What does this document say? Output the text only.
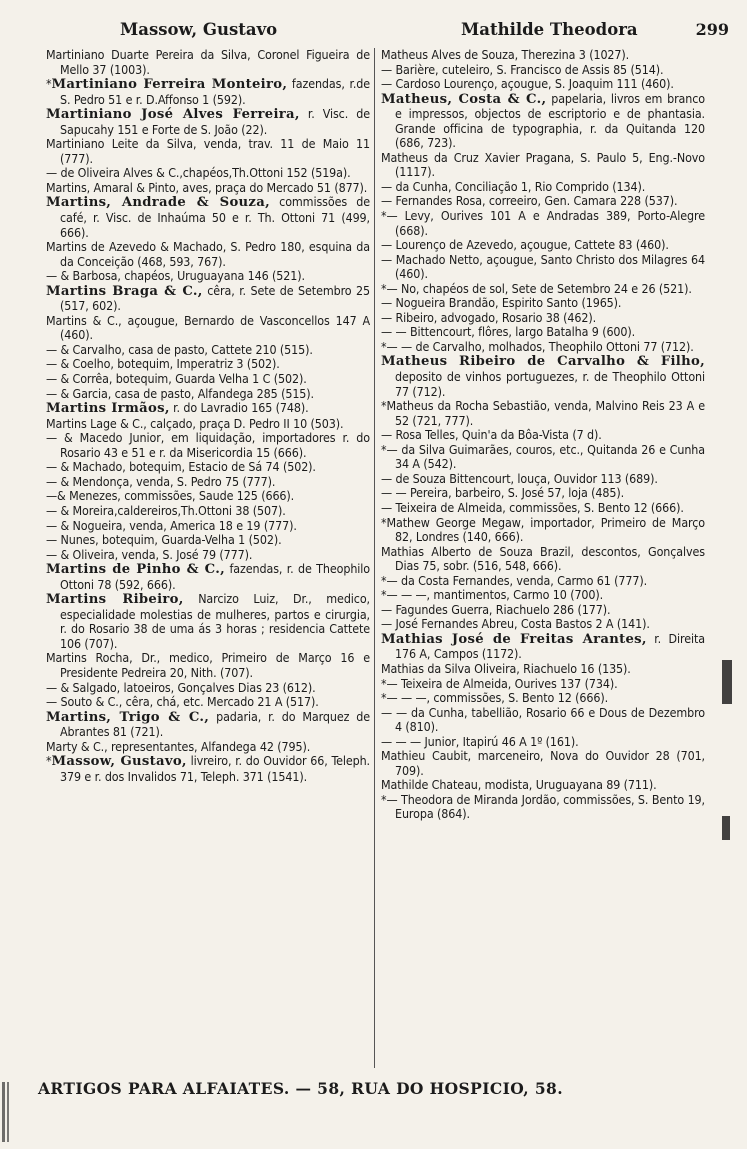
Massow, Gustavo	Mathilde Theodora	299
Martiniano Duarte Pereira da Silva, Coronel Figueira de Mello 37 (1003).
*Martiniano Ferreira Monteiro, fazendas, r.de S. Pedro 51 e r. D.Affonso 1 (592).
Martiniano José Alves Ferreira, r. Visc. de Sapucahy 151 e Forte de S. João (22).
Martiniano Leite da Silva, venda, trav. 11 de Maio 11 (777).
— de Oliveira Alves & C.,chapéos,Th.Ottoni 152 (519a).
Martins, Amaral & Pinto, aves, praça do Mercado 51 (877).
Martins, Andrade & Souza, commissões de café, r. Visc. de Inhaúma 50 e r. Th. Ottoni 71 (499, 666).
Martins de Azevedo & Machado, S. Pedro 180, esquina da da Conceição (468, 593, 767).
— & Barbosa, chapéos, Uruguayana 146 (521).
Martins Braga & C., cêra, r. Sete de Setembro 25 (517, 602).
Martins & C., açougue, Bernardo de Vasconcellos 147 A (460).
— & Carvalho, casa de pasto, Cattete 210 (515).
— & Coelho, botequim, Imperatriz 3 (502).
— & Corrêa, botequim, Guarda Velha 1 C (502).
— & Garcia, casa de pasto, Alfandega 285 (515).
Martins Irmãos, r. do Lavradio 165 (748).
Martins Lage & C., calçado, praça D. Pedro II 10 (503).
— & Macedo Junior, em liquidação, importadores r. do Rosario 43 e 51 e r. da Misericordia 15 (666).
— & Machado, botequim, Estacio de Sá 74 (502).
— & Mendonça, venda, S. Pedro 75 (777).
—& Menezes, commissões, Saude 125 (666).
— & Moreira,caldereiros,Th.Ottoni 38 (507).
— & Nogueira, venda, America 18 e 19 (777).
— Nunes, botequim, Guarda-Velha 1 (502).
— & Oliveira, venda, S. José 79 (777).
Martins de Pinho & C., fazendas, r. de Theophilo Ottoni 78 (592, 666).
Martins Ribeiro, Narcizo Luiz, Dr., medico, especialidade molestias de mulheres, partos e cirurgia, r. do Rosario 38 de uma ás 3 horas ; residencia Cattete 106 (707).
Martins Rocha, Dr., medico, Primeiro de Março 16 e Presidente Pedreira 20, Nith. (707).
— & Salgado, latoeiros, Gonçalves Dias 23 (612).
— Souto & C., cêra, chá, etc. Mercado 21 A (517).
Martins, Trigo & C., padaria, r. do Marquez de Abrantes 81 (721).
Marty & C., representantes, Alfandega 42 (795).
*Massow, Gustavo, livreiro, r. do Ouvidor 66, Teleph. 379 e r. dos Invalidos 71, Teleph. 371 (1541).
Matheus Alves de Souza, Therezina 3 (1027).
— Barière, cuteleiro, S. Francisco de Assis 85 (514).
— Cardoso Lourenço, açougue, S. Joaquim 111 (460).
Matheus, Costa & C., papelaria, livros em branco e impressos, objectos de escriptorio e de phantasia. Grande officina de typographia, r. da Quitanda 120 (686, 723).
Matheus da Cruz Xavier Pragana, S. Paulo 5, Eng.-Novo (1117).
— da Cunha, Conciliação 1, Rio Comprido (134).
— Fernandes Rosa, correeiro, Gen. Camara 228 (537).
*— Levy, Ourives 101 A e Andradas 389, Porto-Alegre (668).
— Lourenço de Azevedo, açougue, Cattete 83 (460).
— Machado Netto, açougue, Santo Christo dos Milagres 64 (460).
*— No, chapéos de sol, Sete de Setembro 24 e 26 (521).
— Nogueira Brandão, Espirito Santo (1965).
— Ribeiro, advogado, Rosario 38 (462).
— — Bittencourt, flôres, largo Batalha 9 (600).
*— — de Carvalho, molhados, Theophilo Ottoni 77 (712).
Matheus Ribeiro de Carvalho & Filho, deposito de vinhos portuguezes, r. de Theophilo Ottoni 77 (712).
*Matheus da Rocha Sebastião, venda, Malvino Reis 23 A e 52 (721, 777).
— Rosa Telles, Quin'a da Bôa-Vista (7 d).
*— da Silva Guimarães, couros, etc., Quitanda 26 e Cunha 34 A (542).
— de Souza Bittencourt, louça, Ouvidor 113 (689).
— — Pereira, barbeiro, S. José 57, loja (485).
— Teixeira de Almeida, commissões, S. Bento 12 (666).
*Mathew George Megaw, importador, Primeiro de Março 82, Londres (140, 666).
Mathias Alberto de Souza Brazil, descontos, Gonçalves Dias 75, sobr. (516, 548, 666).
*— da Costa Fernandes, venda, Carmo 61 (777).
*— — —, mantimentos, Carmo 10 (700).
— Fagundes Guerra, Riachuelo 286 (177).
— José Fernandes Abreu, Costa Bastos 2 A (141).
Mathias José de Freitas Arantes, r. Direita 176 A, Campos (1172).
Mathias da Silva Oliveira, Riachuelo 16 (135).
*— Teixeira de Almeida, Ourives 137 (734).
*— — —, commissões, S. Bento 12 (666).
— — da Cunha, tabellião, Rosario 66 e Dous de Dezembro 4 (810).
— — — Junior, Itapirú 46 A 1º (161).
Mathieu Caubit, marceneiro, Nova do Ouvidor 28 (701, 709).
Mathilde Chateau, modista, Uruguayana 89 (711).
*— Theodora de Miranda Jordão, commissões, S. Bento 19, Europa (864).
ARTIGOS PARA ALFAIATES. — 58, RUA DO HOSPICIO, 58.
